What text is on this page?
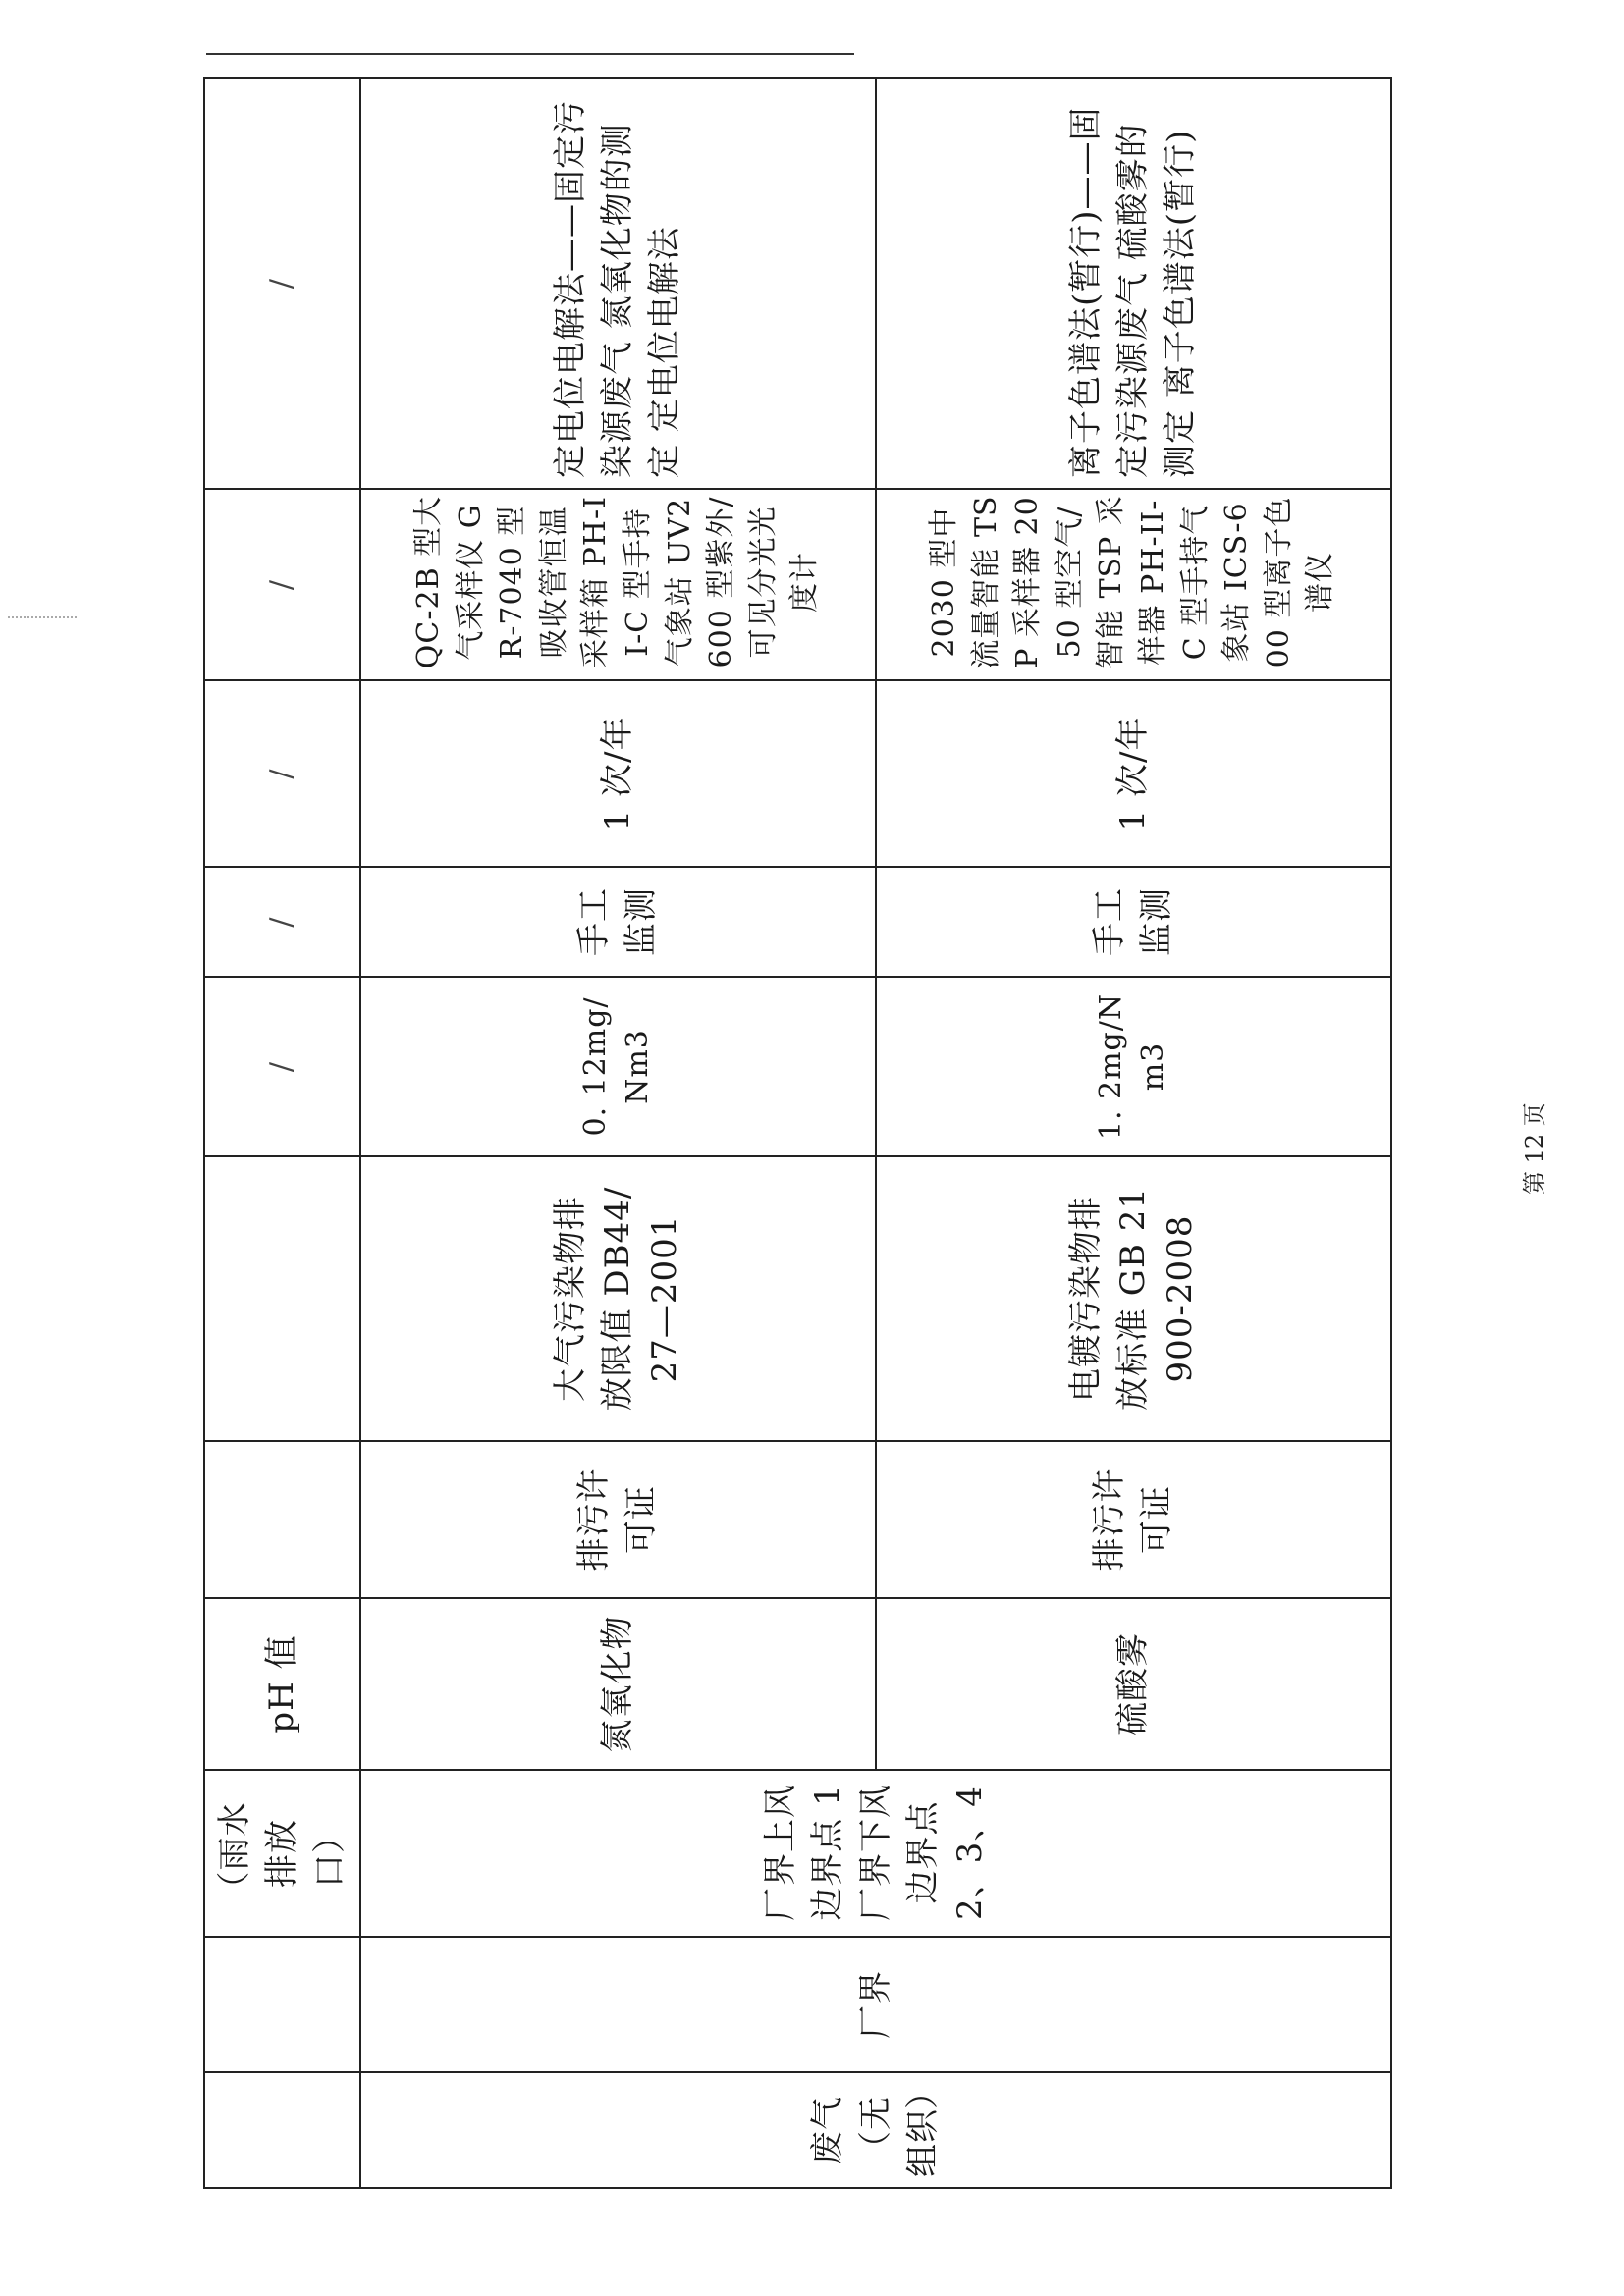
		（雨水排放口）	pH 值			/	/	/	/	/
废气（无组织）	厂界	厂界上风边界点 1 厂界下风边界点 2、3、4	氮氧化物	排污许可证	大气污染物排放限值 DB44/ 27—2001	0. 12mg/Nm3	手工监测	1 次/年	QC-2B 型大气采样仪 GR-7040 型吸收管恒温采样箱 PH-II-C 型手持气象站 UV2600 型紫外/可见分光光度计	定电位电解法——固定污染源废气 氮氧化物的测定 定电位电解法
			硫酸雾	排污许可证	电镀污染物排放标准 GB 21900-2008	1. 2mg/Nm3	手工监测	1 次/年	2030 型中流量智能 TSP 采样器 2050 型空气/智能 TSP 采样器 PH-II-C 型手持气象站 ICS-600 型离子色谱仪	离子色谱法(暂行)——固定污染源废气 硫酸雾的测定 离子色谱法(暂行)
第 12 页
